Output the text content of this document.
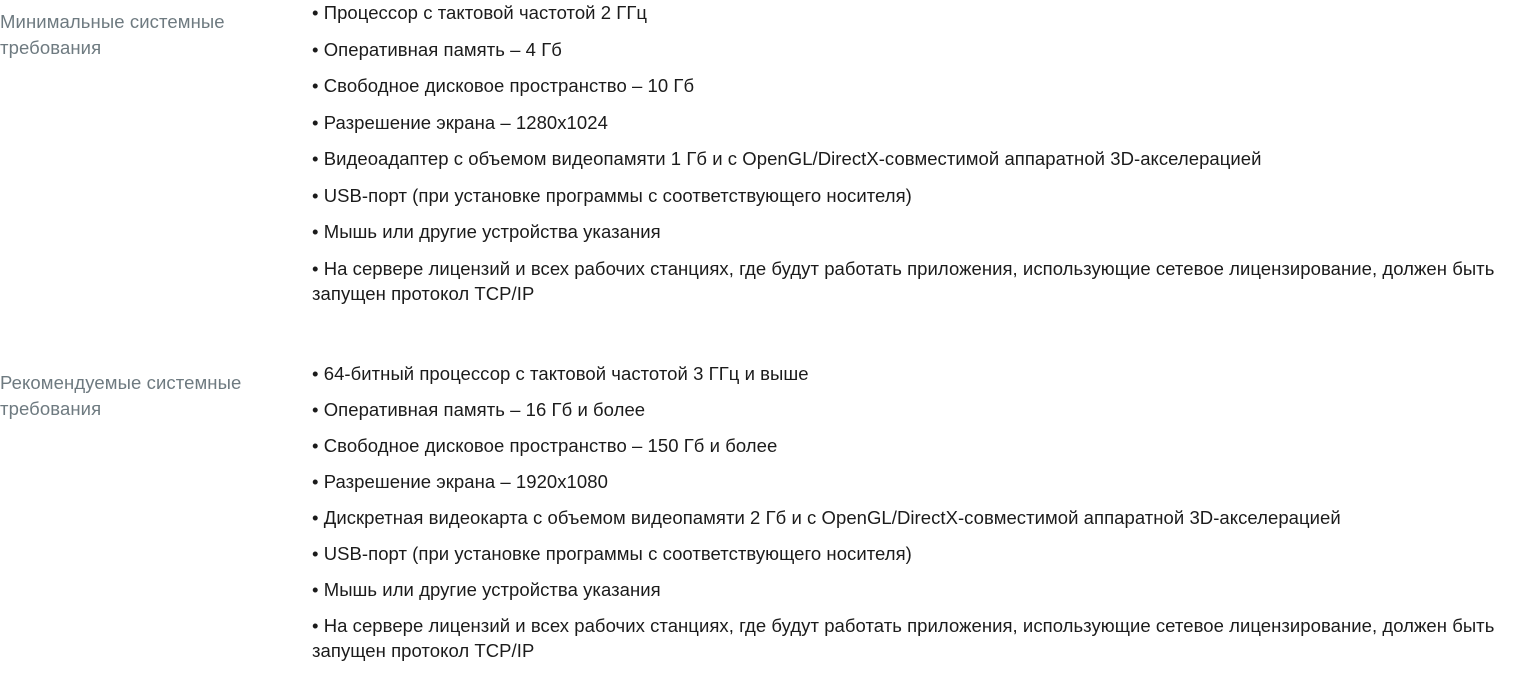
Минимальные системные требования

• Процессор с тактовой частотой 2 ГГц
• Оперативная память – 4 Гб
• Свободное дисковое пространство – 10 Гб
• Разрешение экрана – 1280x1024
• Видеоадаптер с объемом видеопамяти 1 Гб и с OpenGL/DirectX-совместимой аппаратной 3D-акселерацией
• USB-порт (при установке программы с соответствующего носителя)
• Мышь или другие устройства указания
• На сервере лицензий и всех рабочих станциях, где будут работать приложения, использующие сетевое лицензирование, должен быть запущен протокол TCP/IP

Рекомендуемые системные требования

• 64-битный процессор с тактовой частотой 3 ГГц и выше
• Оперативная память – 16 Гб и более
• Свободное дисковое пространство – 150 Гб и более
• Разрешение экрана – 1920x1080
• Дискретная видеокарта с объемом видеопамяти 2 Гб и с OpenGL/DirectX-совместимой аппаратной 3D-акселерацией
• USB-порт (при установке программы с соответствующего носителя)
• Мышь или другие устройства указания
• На сервере лицензий и всех рабочих станциях, где будут работать приложения, использующие сетевое лицензирование, должен быть запущен протокол TCP/IP
